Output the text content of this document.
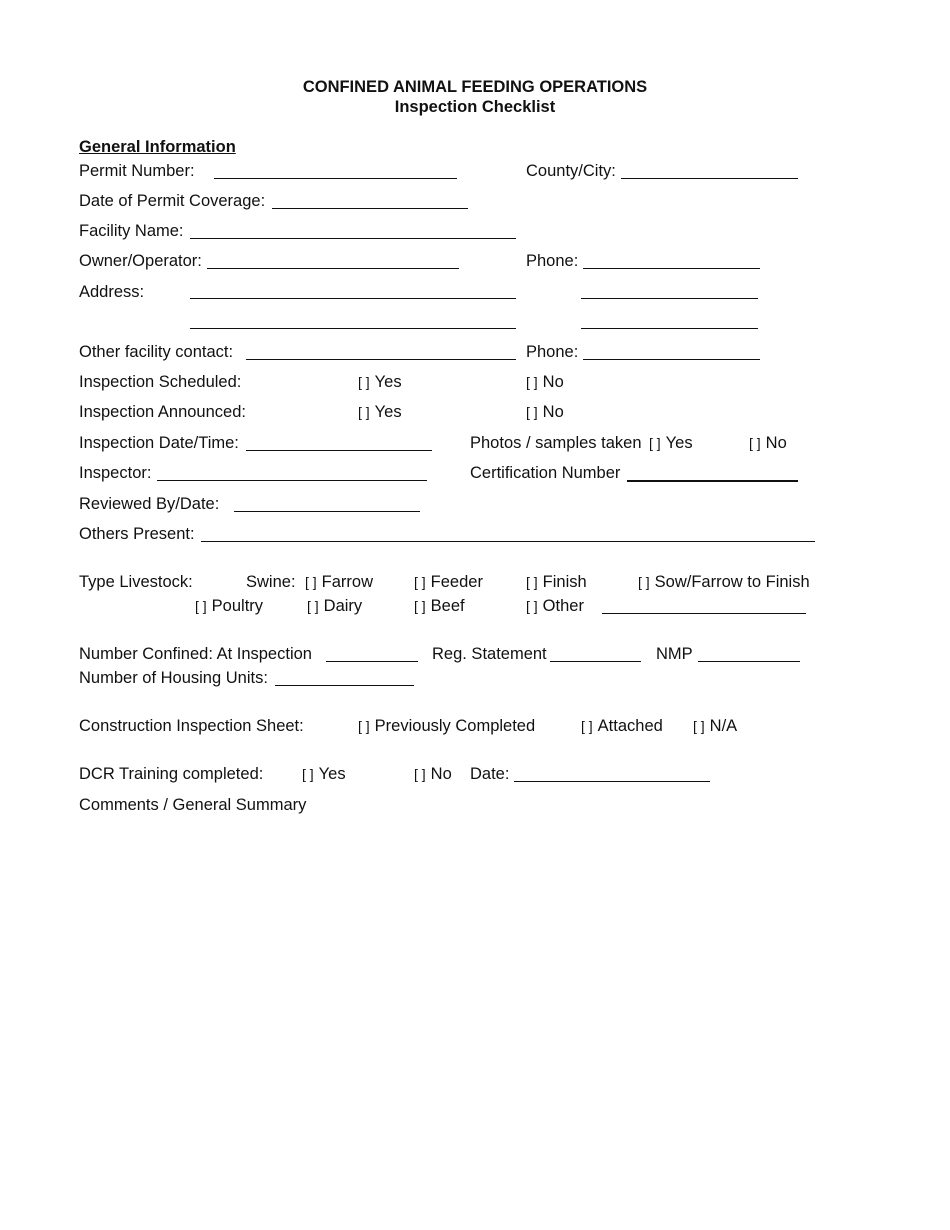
CONFINED ANIMAL FEEDING OPERATIONS
Inspection Checklist
General Information
Permit Number:	County/City:
Date of Permit Coverage:
Facility Name:
Owner/Operator:	Phone:
Address:
Other facility contact:	Phone:
Inspection Scheduled:	[ ] Yes	[ ] No
Inspection Announced:	[ ] Yes	[ ] No
Inspection Date/Time:	Photos / samples taken [ ] Yes	[ ] No
Inspector:	Certification Number
Reviewed By/Date:
Others Present:
Type Livestock:	Swine: [ ] Farrow	[ ] Feeder	[ ] Finish	[ ] Sow/Farrow to Finish
[ ] Poultry	[ ] Dairy	[ ] Beef	[ ] Other
Number Confined: At Inspection	Reg. Statement	NMP
Number of Housing Units:
Construction Inspection Sheet:	[ ] Previously Completed	[ ] Attached [ ] N/A
DCR Training completed:	[ ] Yes	[ ] No Date:
Comments / General Summary
